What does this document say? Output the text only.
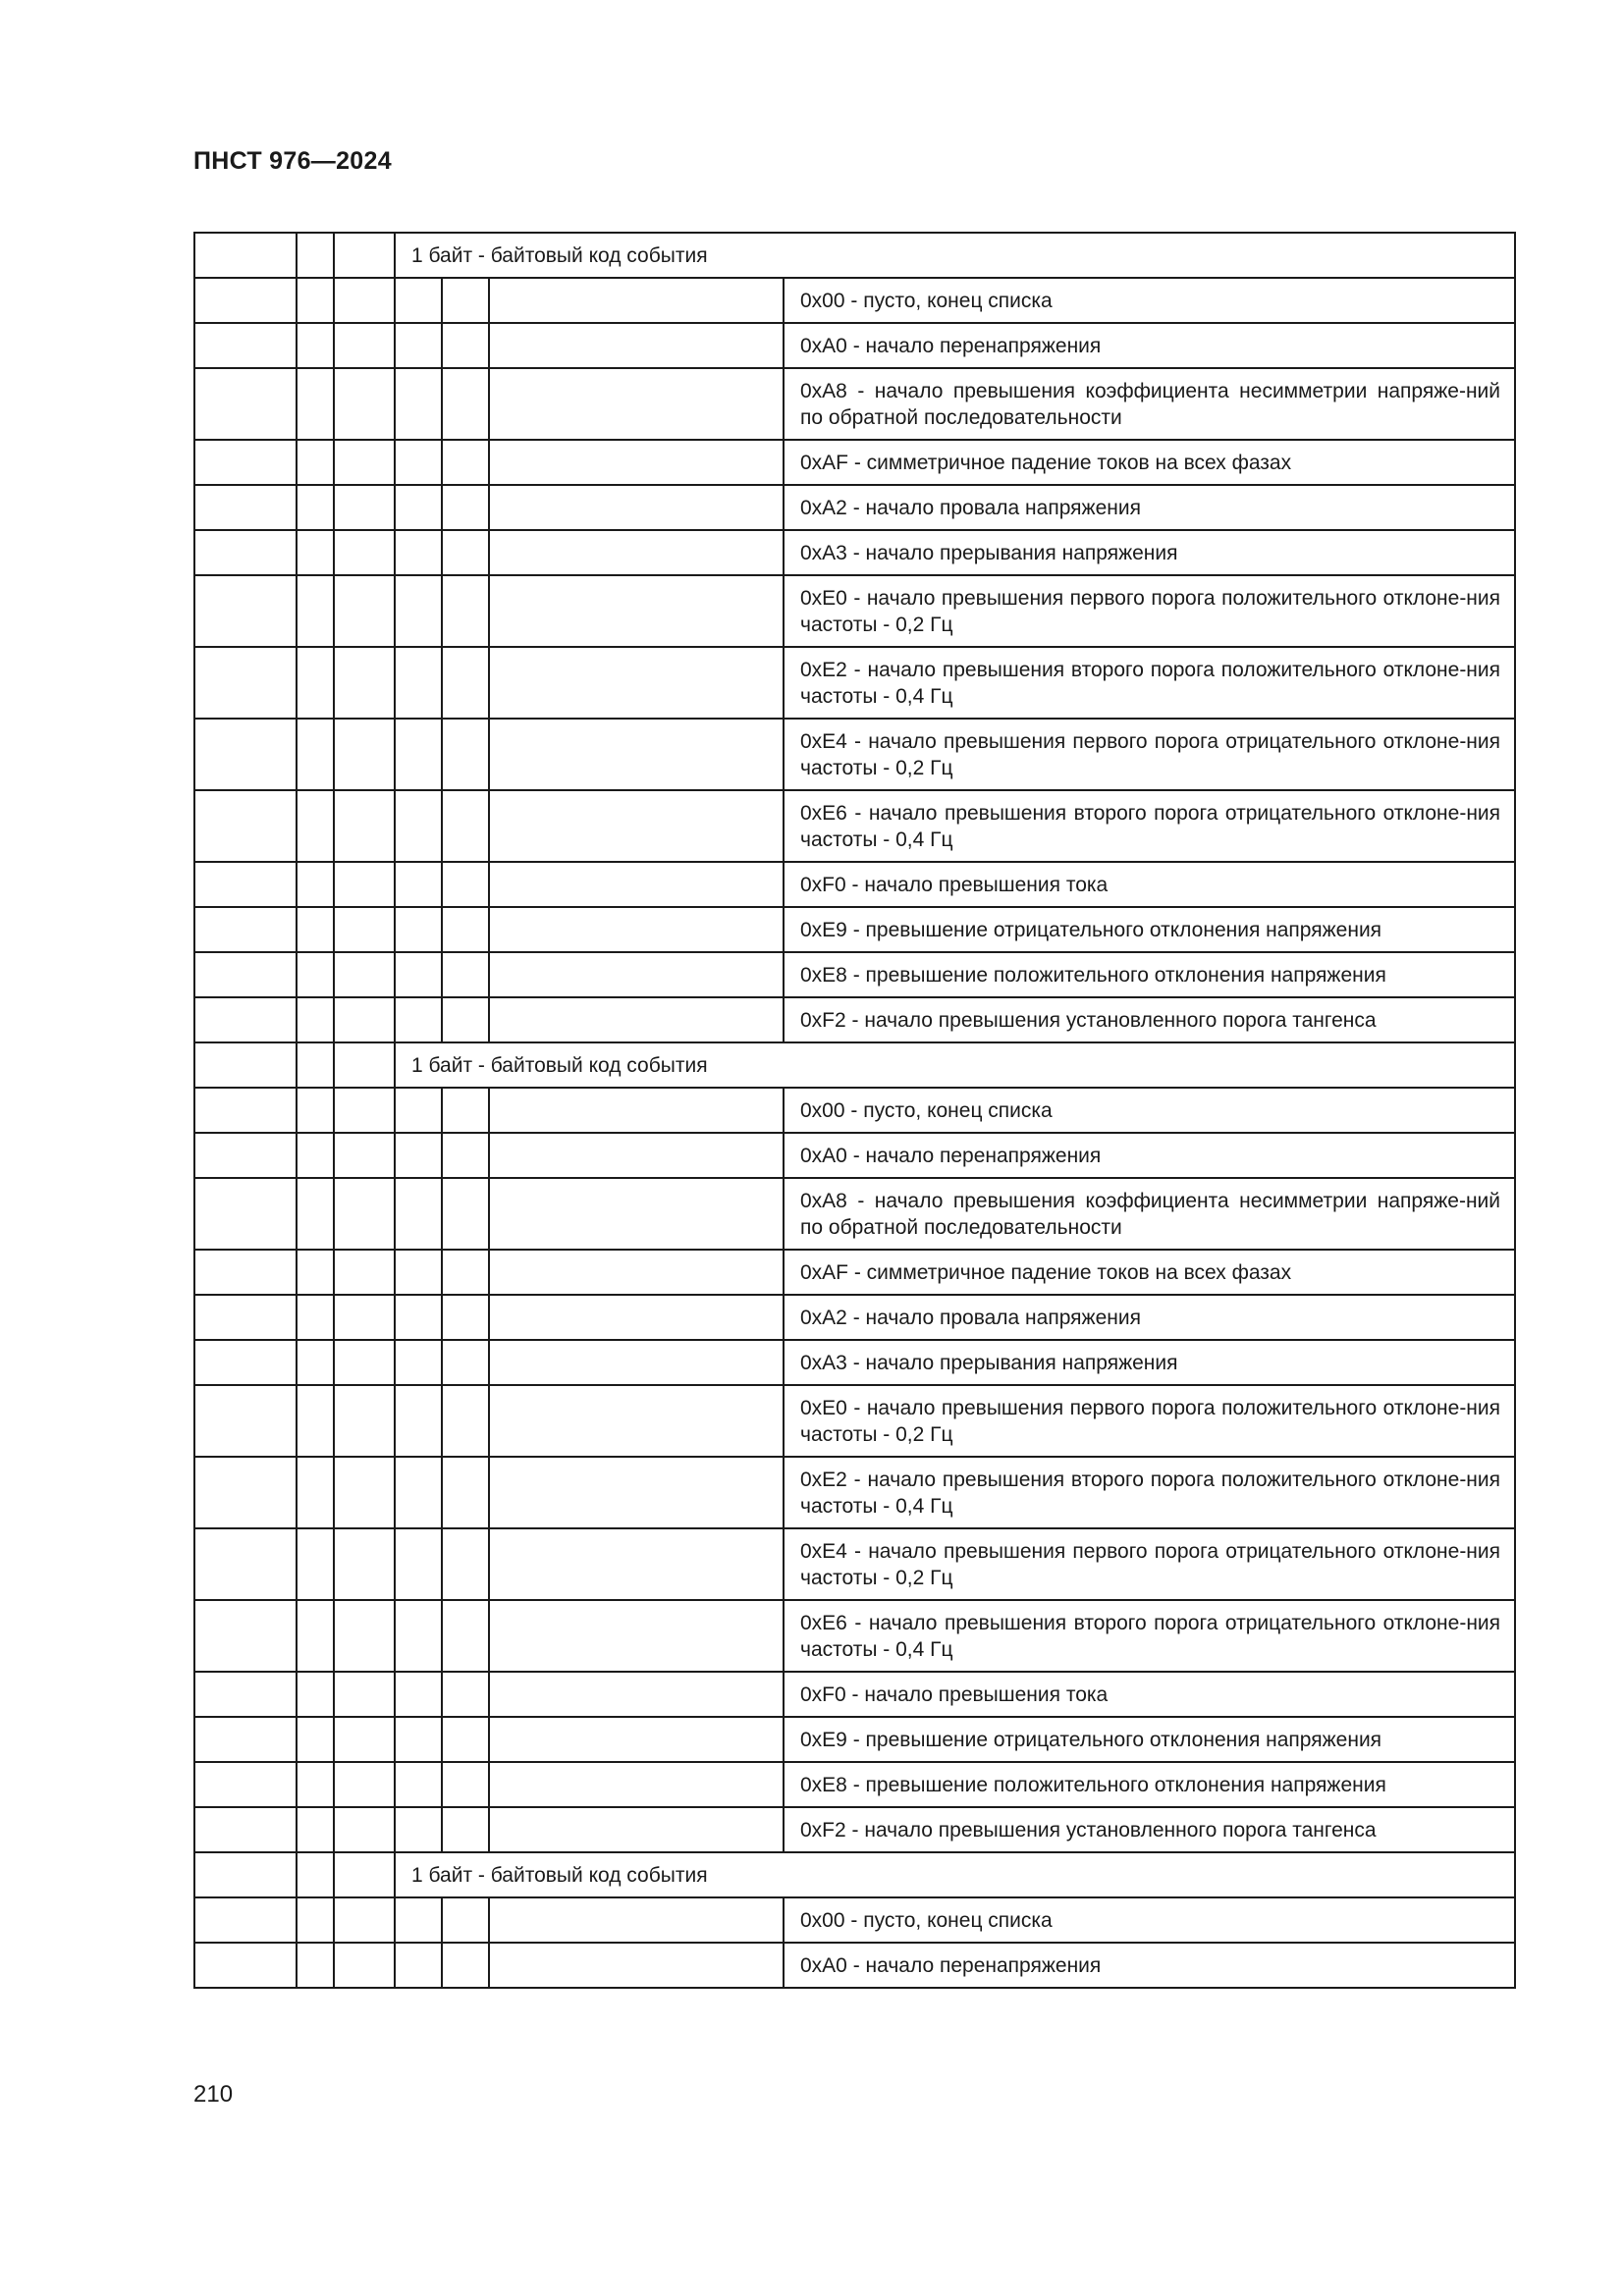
ПНСТ 976—2024
			1 байт - байтовый код события			
						0x00 - пусто, конец списка
						0xA0 - начало перенапряжения
						0xA8 - начало превышения коэффициента несимметрии напряже-ний по обратной последовательности
						0xAF - симметричное падение токов на всех фазах
						0xA2 - начало провала напряжения
						0xA3 - начало прерывания напряжения
						0xE0 - начало превышения первого порога положительного отклоне-ния частоты - 0,2 Гц
						0xE2 - начало превышения второго порога положительного отклоне-ния частоты - 0,4 Гц
						0xE4 - начало превышения первого порога отрицательного отклоне-ния частоты - 0,2 Гц
						0xE6 - начало превышения второго порога отрицательного отклоне-ния частоты - 0,4 Гц
						0xF0 - начало превышения тока
						0xE9 - превышение отрицательного отклонения напряжения
						0xE8 - превышение положительного отклонения напряжения
						0xF2 - начало превышения установленного порога тангенса
			1 байт - байтовый код события			
						0x00 - пусто, конец списка
						0xA0 - начало перенапряжения
						0xA8 - начало превышения коэффициента несимметрии напряже-ний по обратной последовательности
						0xAF - симметричное падение токов на всех фазах
						0xA2 - начало провала напряжения
						0xA3 - начало прерывания напряжения
						0xE0 - начало превышения первого порога положительного отклоне-ния частоты - 0,2 Гц
						0xE2 - начало превышения второго порога положительного отклоне-ния частоты - 0,4 Гц
						0xE4 - начало превышения первого порога отрицательного отклоне-ния частоты - 0,2 Гц
						0xE6 - начало превышения второго порога отрицательного отклоне-ния частоты - 0,4 Гц
						0xF0 - начало превышения тока
						0xE9 - превышение отрицательного отклонения напряжения
						0xE8 - превышение положительного отклонения напряжения
						0xF2 - начало превышения установленного порога тангенса
			1 байт - байтовый код события			
						0x00 - пусто, конец списка
						0xA0 - начало перенапряжения
210
